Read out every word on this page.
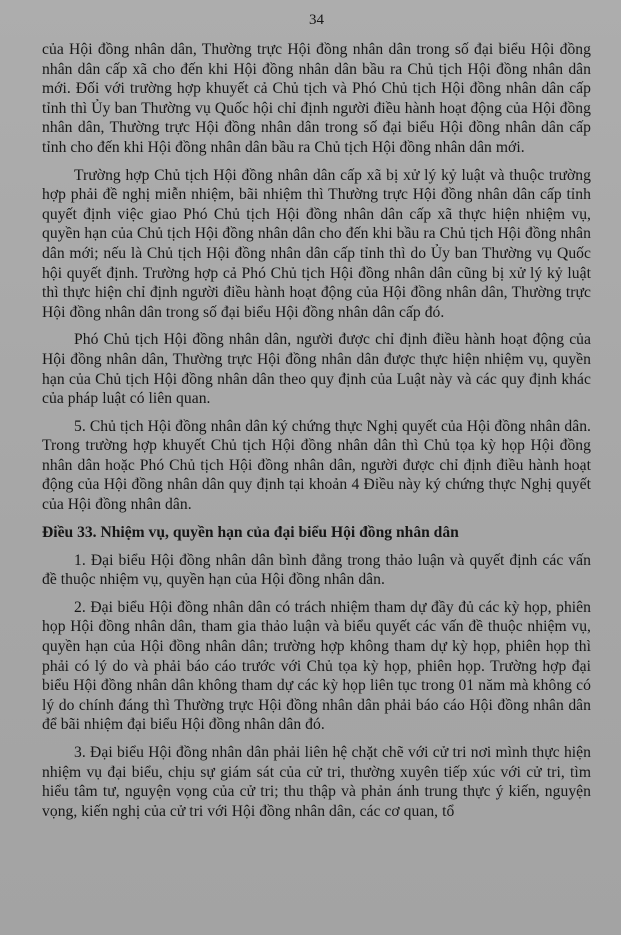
34

của Hội đồng nhân dân, Thường trực Hội đồng nhân dân trong số đại biểu Hội đồng nhân dân cấp xã cho đến khi Hội đồng nhân dân bầu ra Chủ tịch Hội đồng nhân dân mới. Đối với trường hợp khuyết cả Chủ tịch và Phó Chủ tịch Hội đồng nhân dân cấp tỉnh thì Ủy ban Thường vụ Quốc hội chỉ định người điều hành hoạt động của Hội đồng nhân dân, Thường trực Hội đồng nhân dân trong số đại biểu Hội đồng nhân dân cấp tỉnh cho đến khi Hội đồng nhân dân bầu ra Chủ tịch Hội đồng nhân dân mới.

Trường hợp Chủ tịch Hội đồng nhân dân cấp xã bị xử lý kỷ luật và thuộc trường hợp phải đề nghị miễn nhiệm, bãi nhiệm thì Thường trực Hội đồng nhân dân cấp tỉnh quyết định việc giao Phó Chủ tịch Hội đồng nhân dân cấp xã thực hiện nhiệm vụ, quyền hạn của Chủ tịch Hội đồng nhân dân cho đến khi bầu ra Chủ tịch Hội đồng nhân dân mới; nếu là Chủ tịch Hội đồng nhân dân cấp tỉnh thì do Ủy ban Thường vụ Quốc hội quyết định. Trường hợp cả Phó Chủ tịch Hội đồng nhân dân cũng bị xử lý kỷ luật thì thực hiện chỉ định người điều hành hoạt động của Hội đồng nhân dân, Thường trực Hội đồng nhân dân trong số đại biểu Hội đồng nhân dân cấp đó.

Phó Chủ tịch Hội đồng nhân dân, người được chỉ định điều hành hoạt động của Hội đồng nhân dân, Thường trực Hội đồng nhân dân được thực hiện nhiệm vụ, quyền hạn của Chủ tịch Hội đồng nhân dân theo quy định của Luật này và các quy định khác của pháp luật có liên quan.

5. Chủ tịch Hội đồng nhân dân ký chứng thực Nghị quyết của Hội đồng nhân dân. Trong trường hợp khuyết Chủ tịch Hội đồng nhân dân thì Chủ tọa kỳ họp Hội đồng nhân dân hoặc Phó Chủ tịch Hội đồng nhân dân, người được chỉ định điều hành hoạt động của Hội đồng nhân dân quy định tại khoản 4 Điều này ký chứng thực Nghị quyết của Hội đồng nhân dân.

Điều 33. Nhiệm vụ, quyền hạn của đại biểu Hội đồng nhân dân

1. Đại biểu Hội đồng nhân dân bình đẳng trong thảo luận và quyết định các vấn đề thuộc nhiệm vụ, quyền hạn của Hội đồng nhân dân.

2. Đại biểu Hội đồng nhân dân có trách nhiệm tham dự đầy đủ các kỳ họp, phiên họp Hội đồng nhân dân, tham gia thảo luận và biểu quyết các vấn đề thuộc nhiệm vụ, quyền hạn của Hội đồng nhân dân; trường hợp không tham dự kỳ họp, phiên họp thì phải có lý do và phải báo cáo trước với Chủ tọa kỳ họp, phiên họp. Trường hợp đại biểu Hội đồng nhân dân không tham dự các kỳ họp liên tục trong 01 năm mà không có lý do chính đáng thì Thường trực Hội đồng nhân dân phải báo cáo Hội đồng nhân dân để bãi nhiệm đại biểu Hội đồng nhân dân đó.

3. Đại biểu Hội đồng nhân dân phải liên hệ chặt chẽ với cử tri nơi mình thực hiện nhiệm vụ đại biểu, chịu sự giám sát của cử tri, thường xuyên tiếp xúc với cử tri, tìm hiểu tâm tư, nguyện vọng của cử tri; thu thập và phản ánh trung thực ý kiến, nguyện vọng, kiến nghị của cử tri với Hội đồng nhân dân, các cơ quan, tổ
